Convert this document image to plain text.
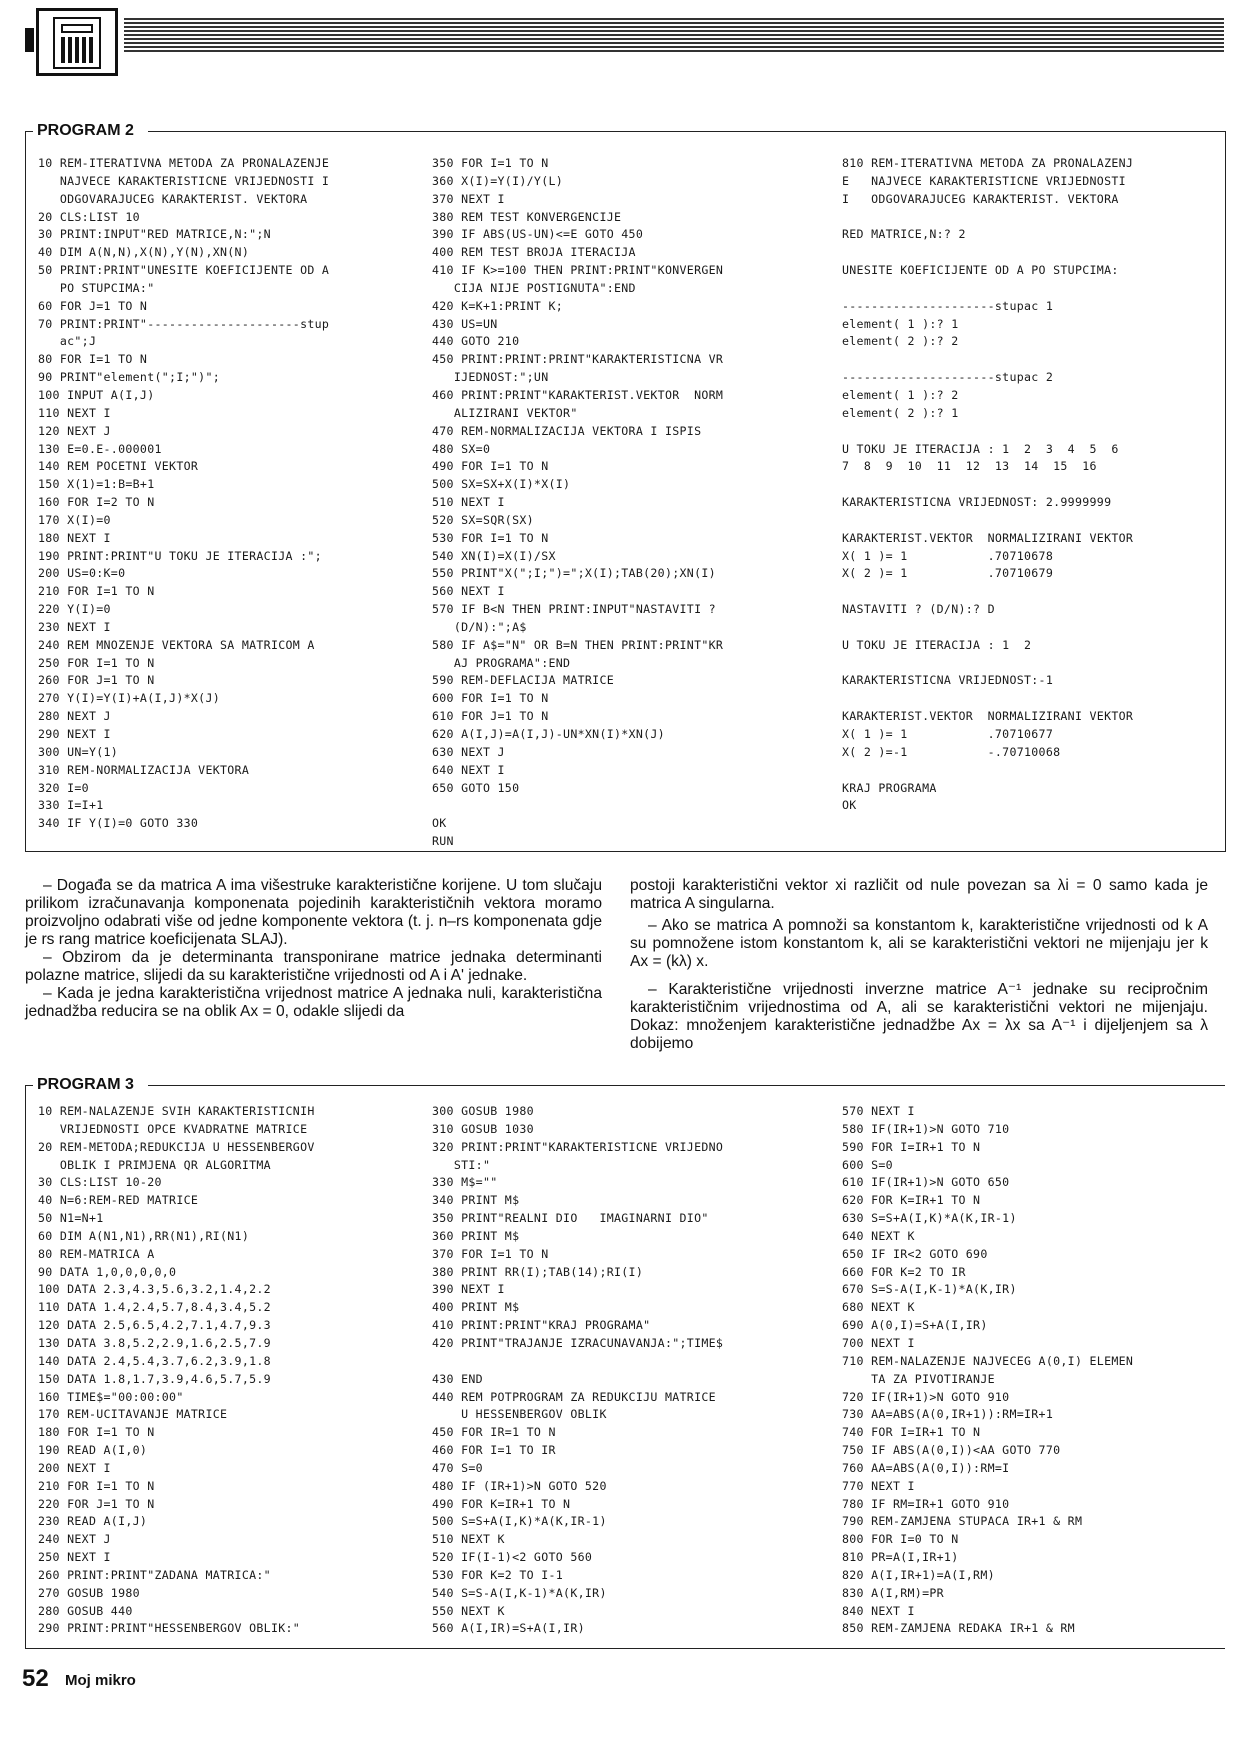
PROGRAM 2
10 REM-ITERATIVNA METODA ZA PRONALAZENJE
NAJVECE KARAKTERISTICNE VRIJEDNOSTI I
ODGOVARAJUCEG KARAKTERIST. VEKTORA
20 CLS:LIST 10
30 PRINT:INPUT"RED MATRICE,N:";N
40 DIM A(N,N),X(N),Y(N),XN(N)
50 PRINT:PRINT"UNESITE KOEFICIJENTE OD A
PO STUPCIMA:"
60 FOR J=1 TO N
70 PRINT:PRINT"---------------------stup
ac";J
80 FOR I=1 TO N
90 PRINT"element(";I;")";
100 INPUT A(I,J)
110 NEXT I
120 NEXT J
130 E=0.E-.000001
140 REM POCETNI VEKTOR
150 X(1)=1:B=B+1
160 FOR I=2 TO N
170 X(I)=0
180 NEXT I
190 PRINT:PRINT"U TOKU JE ITERACIJA :";
200 US=0:K=0
210 FOR I=1 TO N
220 Y(I)=0
230 NEXT I
240 REM MNOZENJE VEKTORA SA MATRICOM A
250 FOR I=1 TO N
260 FOR J=1 TO N
270 Y(I)=Y(I)+A(I,J)*X(J)
280 NEXT J
290 NEXT I
300 UN=Y(1)
310 REM-NORMALIZACIJA VEKTORA
320 I=0
330 I=I+1
340 IF Y(I)=0 GOTO 330
350 FOR I=1 TO N
360 X(I)=Y(I)/Y(L)
370 NEXT I
380 REM TEST KONVERGENCIJE
390 IF ABS(US-UN)<=E GOTO 450
400 REM TEST BROJA ITERACIJA
410 IF K>=100 THEN PRINT:PRINT"KONVERGEN
CIJA NIJE POSTIGNUTA":END
420 K=K+1:PRINT K;
430 US=UN
440 GOTO 210
450 PRINT:PRINT:PRINT"KARAKTERISTICNA VR
IJEDNOST:";UN
460 PRINT:PRINT"KARAKTERIST.VEKTOR  NORM
ALIZIRANI VEKTOR"
470 REM-NORMALIZACIJA VEKTORA I ISPIS
480 SX=0
490 FOR I=1 TO N
500 SX=SX+X(I)*X(I)
510 NEXT I
520 SX=SQR(SX)
530 FOR I=1 TO N
540 XN(I)=X(I)/SX
550 PRINT"X(";I;")=";X(I);TAB(20);XN(I)
560 NEXT I
570 IF B<N THEN PRINT:INPUT"NASTAVITI ?
(D/N):";A$
580 IF A$="N" OR B=N THEN PRINT:PRINT"KR
AJ PROGRAMA":END
590 REM-DEFLACIJA MATRICE
600 FOR I=1 TO N
610 FOR J=1 TO N
620 A(I,J)=A(I,J)-UN*XN(I)*XN(J)
630 NEXT J
640 NEXT I
650 GOTO 150

OK
RUN
810 REM-ITERATIVNA METODA ZA PRONALAZENJ
E   NAJVECE KARAKTERISTICNE VRIJEDNOSTI
I   ODGOVARAJUCEG KARAKTERIST. VEKTORA

RED MATRICE,N:? 2

UNESITE KOEFICIJENTE OD A PO STUPCIMA:

---------------------stupac 1
element( 1 ):? 1
element( 2 ):? 2

---------------------stupac 2
element( 1 ):? 2
element( 2 ):? 1

U TOKU JE ITERACIJA : 1  2  3  4  5  6
7  8  9  10  11  12  13  14  15  16

KARAKTERISTICNA VRIJEDNOST: 2.9999999

KARAKTERIST.VEKTOR  NORMALIZIRANI VEKTOR
X( 1 )= 1           .70710678
X( 2 )= 1           .70710679

NASTAVITI ? (D/N):? D

U TOKU JE ITERACIJA : 1  2

KARAKTERISTICNA VRIJEDNOST:-1

KARAKTERIST.VEKTOR  NORMALIZIRANI VEKTOR
X( 1 )= 1           .70710677
X( 2 )=-1           -.70710068

KRAJ PROGRAMA
OK

– Događa se da matrica A ima višestruke karakteristične korijene. U tom slučaju prilikom izračunavanja komponenata pojedinih karakterističnih vektora moramo proizvoljno odabrati više od jedne komponente vektora (t. j. n–rs komponenata gdje je rs rang matrice koeficijenata SLAJ).

– Obzirom da je determinanta transponirane matrice jednaka determinanti polazne matrice, slijedi da su karakteristične vrijednosti od A i A' jednake.

– Kada je jedna karakteristična vrijednost matrice A jednaka nuli, karakteristična jednadžba reducira se na oblik Ax = 0, odakle slijedi da

postoji karakteristični vektor xi različit od nule povezan sa λi = 0 samo kada je matrica A singularna.

– Ako se matrica A pomnoži sa konstantom k, karakteristične vrijednosti od k A su pomnožene istom konstantom k, ali se karakteristični vektori ne mijenjaju jer k Ax = (kλ) x.

– Karakteristične vrijednosti inverzne matrice A⁻¹ jednake su recipročnim karakterističnim vrijednostima od A, ali se karakteristični vektori ne mijenjaju. Dokaz: množenjem karakteristične jednadžbe Ax = λx sa A⁻¹ i dijeljenjem sa λ dobijemo

PROGRAM 3
10 REM-NALAZENJE SVIH KARAKTERISTICNIH
VRIJEDNOSTI OPCE KVADRATNE MATRICE
20 REM-METODA;REDUKCIJA U HESSENBERGOV
OBLIK I PRIMJENA QR ALGORITMA
30 CLS:LIST 10-20
40 N=6:REM-RED MATRICE
50 N1=N+1
60 DIM A(N1,N1),RR(N1),RI(N1)
80 REM-MATRICA A
90 DATA 1,0,0,0,0,0
100 DATA 2.3,4.3,5.6,3.2,1.4,2.2
110 DATA 1.4,2.4,5.7,8.4,3.4,5.2
120 DATA 2.5,6.5,4.2,7.1,4.7,9.3
130 DATA 3.8,5.2,2.9,1.6,2.5,7.9
140 DATA 2.4,5.4,3.7,6.2,3.9,1.8
150 DATA 1.8,1.7,3.9,4.6,5.7,5.9
160 TIME$="00:00:00"
170 REM-UCITAVANJE MATRICE
180 FOR I=1 TO N
190 READ A(I,0)
200 NEXT I
210 FOR I=1 TO N
220 FOR J=1 TO N
230 READ A(I,J)
240 NEXT J
250 NEXT I
260 PRINT:PRINT"ZADANA MATRICA:"
270 GOSUB 1980
280 GOSUB 440
290 PRINT:PRINT"HESSENBERGOV OBLIK:"
300 GOSUB 1980
310 GOSUB 1030
320 PRINT:PRINT"KARAKTERISTICNE VRIJEDNO
STI:"
330 M$=""
340 PRINT M$
350 PRINT"REALNI DIO   IMAGINARNI DIO"
360 PRINT M$
370 FOR I=1 TO N
380 PRINT RR(I);TAB(14);RI(I)
390 NEXT I
400 PRINT M$
410 PRINT:PRINT"KRAJ PROGRAMA"
420 PRINT"TRAJANJE IZRACUNAVANJA:";TIME$

430 END
440 REM POTPROGRAM ZA REDUKCIJU MATRICE
U HESSENBERGOV OBLIK
450 FOR IR=1 TO N
460 FOR I=1 TO IR
470 S=0
480 IF (IR+1)>N GOTO 520
490 FOR K=IR+1 TO N
500 S=S+A(I,K)*A(K,IR-1)
510 NEXT K
520 IF(I-1)<2 GOTO 560
530 FOR K=2 TO I-1
540 S=S-A(I,K-1)*A(K,IR)
550 NEXT K
560 A(I,IR)=S+A(I,IR)
570 NEXT I
580 IF(IR+1)>N GOTO 710
590 FOR I=IR+1 TO N
600 S=0
610 IF(IR+1)>N GOTO 650
620 FOR K=IR+1 TO N
630 S=S+A(I,K)*A(K,IR-1)
640 NEXT K
650 IF IR<2 GOTO 690
660 FOR K=2 TO IR
670 S=S-A(I,K-1)*A(K,IR)
680 NEXT K
690 A(0,I)=S+A(I,IR)
700 NEXT I
710 REM-NALAZENJE NAJVECEG A(0,I) ELEMEN
TA ZA PIVOTIRANJE
720 IF(IR+1)>N GOTO 910
730 AA=ABS(A(0,IR+1)):RM=IR+1
740 FOR I=IR+1 TO N
750 IF ABS(A(0,I))<AA GOTO 770
760 AA=ABS(A(0,I)):RM=I
770 NEXT I
780 IF RM=IR+1 GOTO 910
790 REM-ZAMJENA STUPACA IR+1 & RM
800 FOR I=0 TO N
810 PR=A(I,IR+1)
820 A(I,IR+1)=A(I,RM)
830 A(I,RM)=PR
840 NEXT I
850 REM-ZAMJENA REDAKA IR+1 & RM
52 Moj mikro
